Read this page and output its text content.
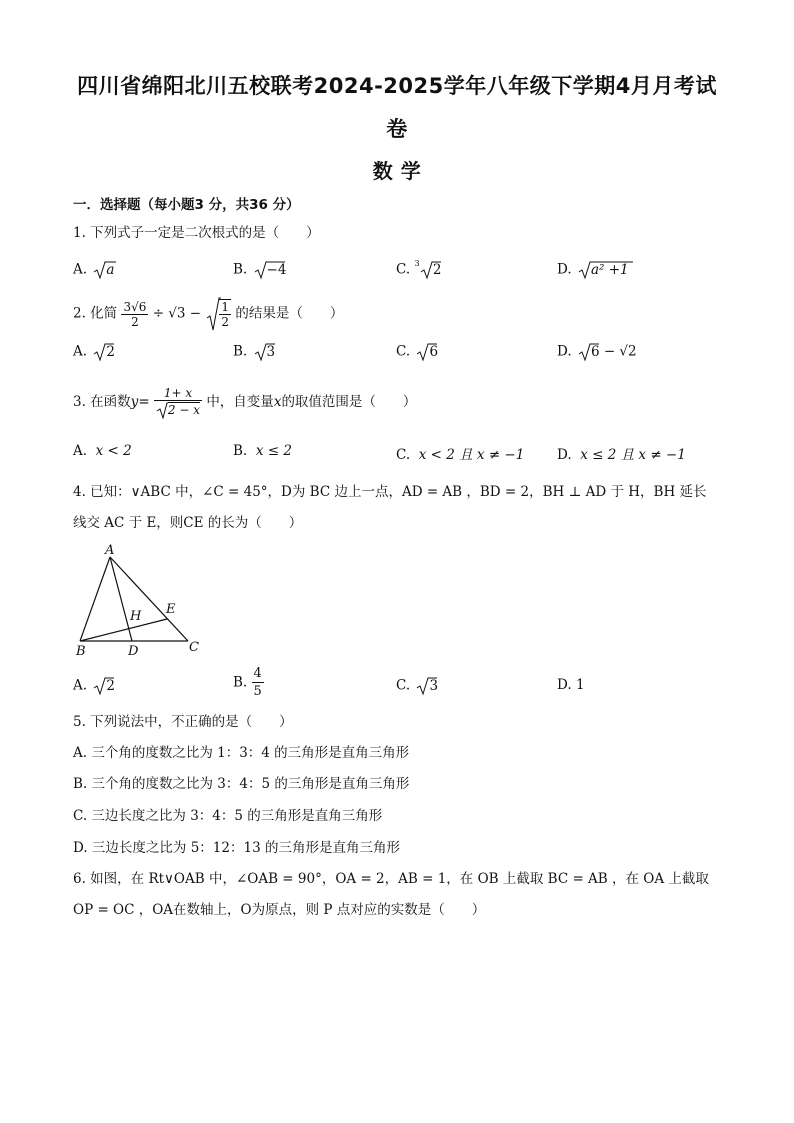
四川省绵阳北川五校联考2024-2025学年八年级下学期4月月考试
卷
数 学
一．选择题（每小题3 分，共36 分）
1. 下列式子一定是二次根式的是（　　）
A. a	B. −4	C. $^3$ 2	D. a² +1
2. 化简 $\frac{3√6}{2} \div √3 - \frac{1}{2}$ 的结果是（　　）
A. 2	B. 3	C. 6	D. 6 − √2
3. 在函数$y= \frac{1+ x}{2 - x}$ 中，自变量x的取值范围是（　　）
A. x < 2	B. x ≤ 2	C. x < 2 且 x ≠ −1 D. x ≤ 2 且 x ≠ −1
4. 已知：∨ABC 中，∠C = 45°，D为 BC 边上一点，AD = AB ，BD = 2，BH ⊥ AD 于 H，BH 延长
线交 AC 于 E，则CE 的长为（　　）
A
B	C
D
E
H
A. 2	B. $\frac{4}{5}$	C. 3	D. 1
5. 下列说法中，不正确的是（　　）
A. 三个角的度数之比为 1：3：4 的三角形是直角三角形
B. 三个角的度数之比为 3：4：5 的三角形是直角三角形
C. 三边长度之比为 3：4：5 的三角形是直角三角形
D. 三边长度之比为 5：12：13 的三角形是直角三角形
6. 如图，在 Rt∨OAB 中，∠OAB = 90°，OA = 2，AB = 1，在 OB 上截取 BC = AB ，在 OA 上截取
OP = OC ，OA在数轴上，O为原点，则 P 点对应的实数是（　　）
